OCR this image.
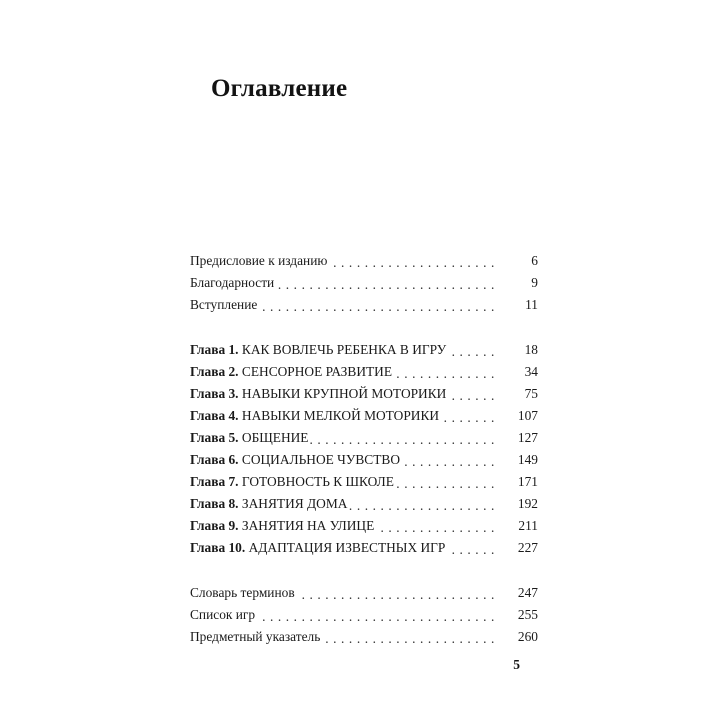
Оглавление
Предисловие к изданию . . .	6
Благодарности . . .	9
Вступление . . .	11
Глава 1. КАК ВОВЛЕЧЬ РЕБЕНКА В ИГРУ . . .	18
Глава 2. СЕНСОРНОЕ РАЗВИТИЕ . . .	34
Глава 3. НАВЫКИ КРУПНОЙ МОТОРИКИ . . .	75
Глава 4. НАВЫКИ МЕЛКОЙ МОТОРИКИ . . .	107
Глава 5. ОБЩЕНИЕ . . .	127
Глава 6. СОЦИАЛЬНОЕ ЧУВСТВО . . .	149
Глава 7. ГОТОВНОСТЬ К ШКОЛЕ . . .	171
Глава 8. ЗАНЯТИЯ ДОМА . . .	192
Глава 9. ЗАНЯТИЯ НА УЛИЦЕ . . .	211
Глава 10. АДАПТАЦИЯ ИЗВЕСТНЫХ ИГР . . .	227
Словарь терминов . . .	247
Список игр . . .	255
Предметный указатель . . .	260
5
